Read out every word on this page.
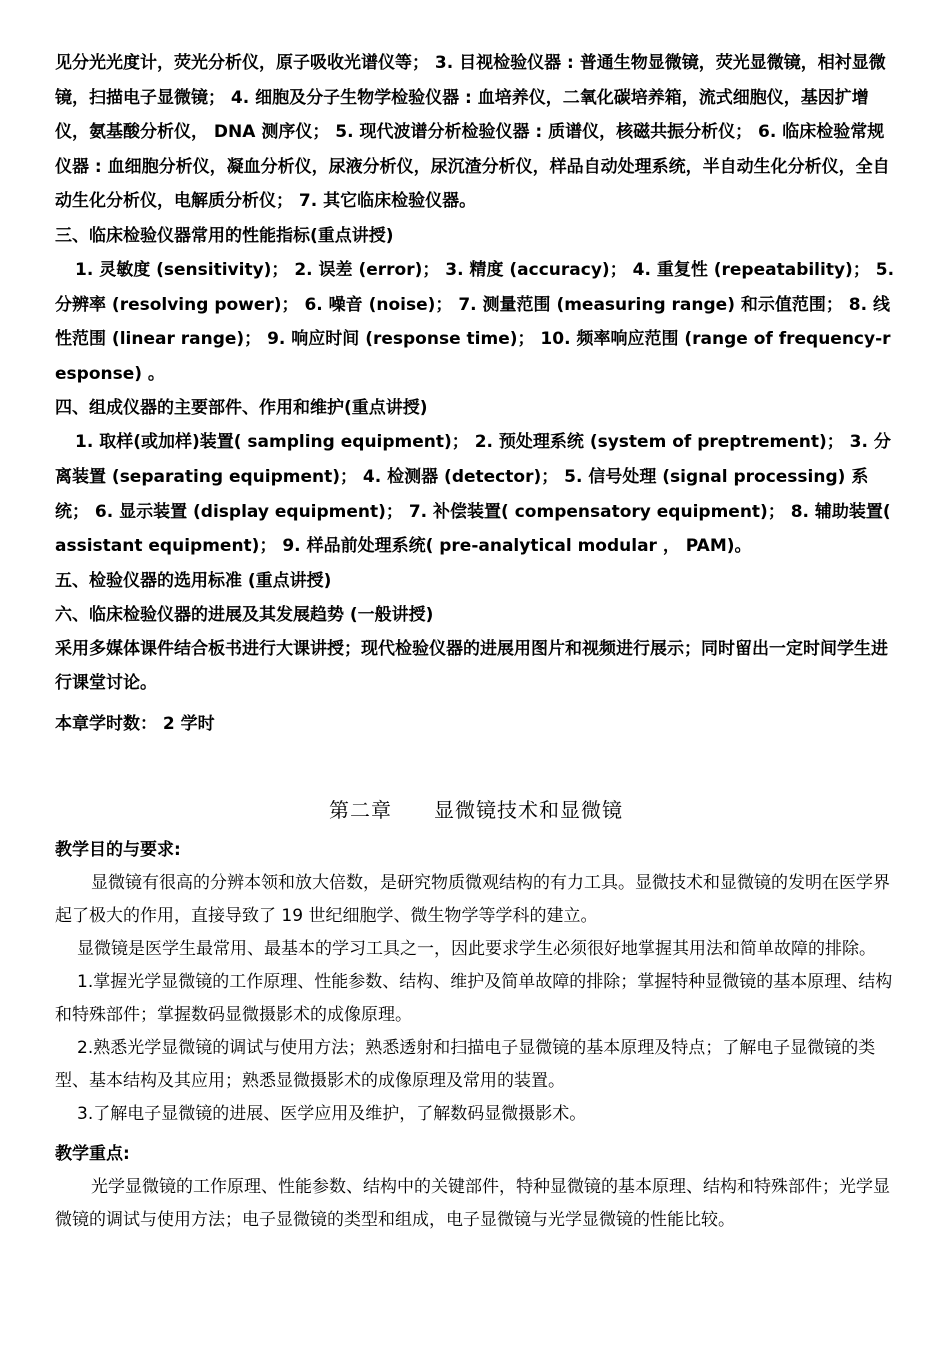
见分光光度计，荧光分析仪，原子吸收光谱仪等； 3. 目视检验仪器 : 普通生物显微镜，荧光显微镜，相衬显微镜，扫描电子显微镜； 4. 细胞及分子生物学检验仪器 : 血培养仪，二氧化碳培养箱，流式细胞仪，基因扩增仪，氨基酸分析仪， DNA 测序仪； 5. 现代波谱分析检验仪器 : 质谱仪，核磁共振分析仪； 6. 临床检验常规仪器 : 血细胞分析仪，凝血分析仪，尿液分析仪，尿沉渣分析仪，样品自动处理系统，半自动生化分析仪，全自动生化分析仪，电解质分析仪； 7. 其它临床检验仪器。

三、临床检验仪器常用的性能指标(重点讲授)

1. 灵敏度 (sensitivity)； 2. 误差 (error)； 3. 精度 (accuracy)； 4. 重复性 (repeatability)； 5. 分辨率 (resolving power)； 6. 噪音 (noise)； 7. 测量范围 (measuring range) 和示值范围； 8. 线性范围 (linear range)； 9. 响应时间 (response time)； 10. 频率响应范围 (range of frequency-response) 。

四、组成仪器的主要部件、作用和维护(重点讲授)

1. 取样(或加样)装置( sampling equipment)； 2. 预处理系统 (system of preptrement)； 3. 分离装置 (separating equipment)； 4. 检测器 (detector)； 5. 信号处理 (signal processing) 系统； 6. 显示装置 (display equipment)； 7. 补偿装置( compensatory equipment)； 8. 辅助装置( assistant equipment)； 9. 样品前处理系统( pre-analytical modular ， PAM)。

五、检验仪器的选用标准 (重点讲授)

六、临床检验仪器的进展及其发展趋势 (一般讲授)

采用多媒体课件结合板书进行大课讲授；现代检验仪器的进展用图片和视频进行展示；同时留出一定时间学生进行课堂讨论。

本章学时数： 2 学时

第二章　　显微镜技术和显微镜

教学目的与要求:

显微镜有很高的分辨本领和放大倍数，是研究物质微观结构的有力工具。显微技术和显微镜的发明在医学界起了极大的作用，直接导致了 19 世纪细胞学、微生物学等学科的建立。

显微镜是医学生最常用、最基本的学习工具之一，因此要求学生必须很好地掌握其用法和简单故障的排除。

1.掌握光学显微镜的工作原理、性能参数、结构、维护及简单故障的排除；掌握特种显微镜的基本原理、结构和特殊部件；掌握数码显微摄影术的成像原理。

2.熟悉光学显微镜的调试与使用方法；熟悉透射和扫描电子显微镜的基本原理及特点；了解电子显微镜的类型、基本结构及其应用；熟悉显微摄影术的成像原理及常用的装置。

3.了解电子显微镜的进展、医学应用及维护，了解数码显微摄影术。

教学重点:

光学显微镜的工作原理、性能参数、结构中的关键部件，特种显微镜的基本原理、结构和特殊部件；光学显微镜的调试与使用方法；电子显微镜的类型和组成，电子显微镜与光学显微镜的性能比较。
